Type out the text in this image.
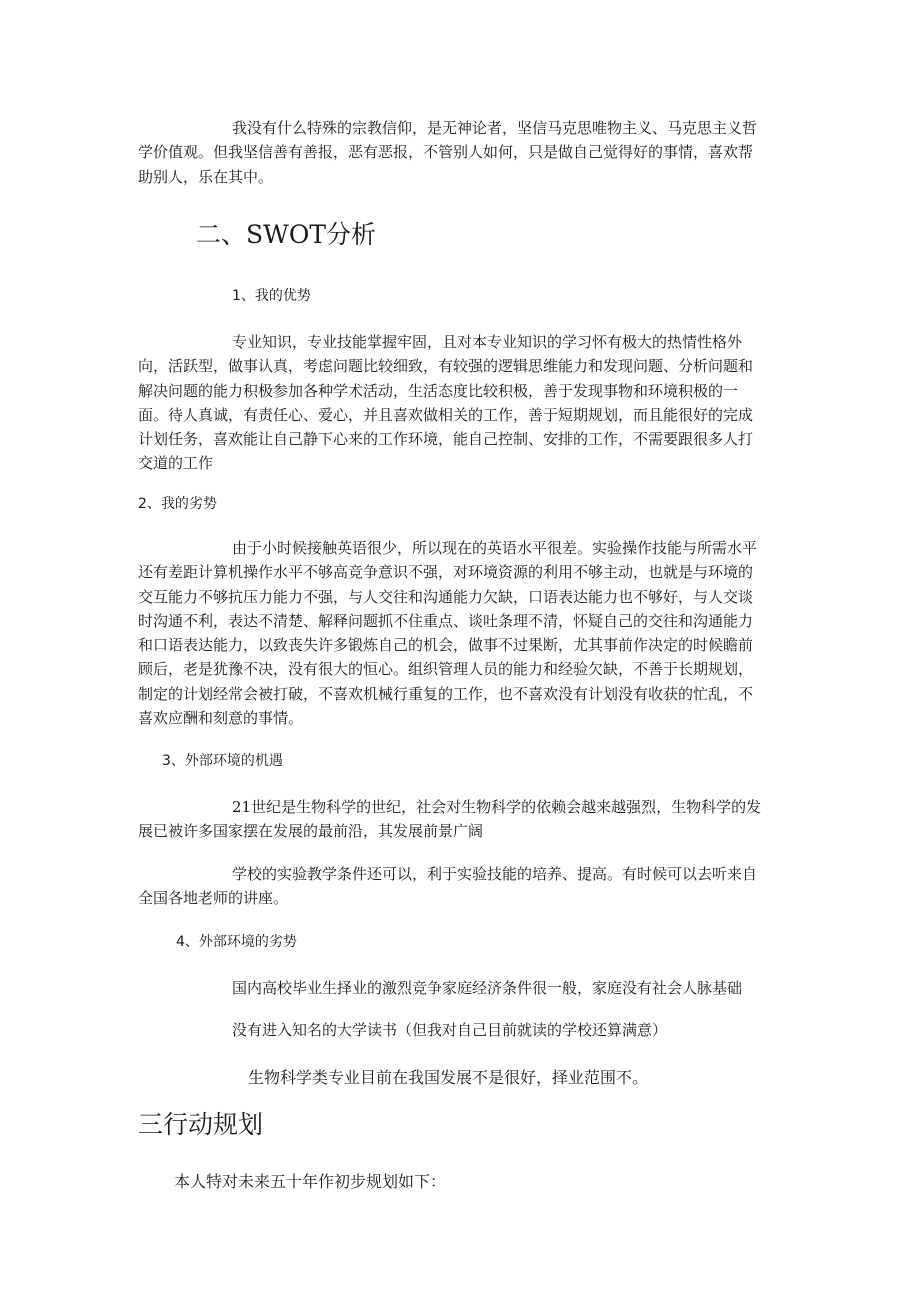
我没有什么特殊的宗教信仰，是无神论者，坚信马克思唯物主义、马克思主义哲
学价值观。但我坚信善有善报，恶有恶报，不管别人如何，只是做自己觉得好的事情，喜欢帮
助别人，乐在其中。
二、SWOT分析
1、我的优势
专业知识，专业技能掌握牢固，且对本专业知识的学习怀有极大的热情性格外
向，活跃型，做事认真，考虑问题比较细致，有较强的逻辑思维能力和发现问题、分析问题和
解决问题的能力积极参加各种学术活动，生活态度比较积极，善于发现事物和环境积极的一
面。待人真诚，有责任心、爱心，并且喜欢做相关的工作，善于短期规划，而且能很好的完成
计划任务，喜欢能让自己静下心来的工作环境，能自己控制、安排的工作，不需要跟很多人打
交道的工作
2、我的劣势
由于小时候接触英语很少，所以现在的英语水平很差。实验操作技能与所需水平
还有差距计算机操作水平不够高竞争意识不强，对环境资源的利用不够主动，也就是与环境的
交互能力不够抗压力能力不强，与人交往和沟通能力欠缺，口语表达能力也不够好，与人交谈
时沟通不利，表达不清楚、解释问题抓不住重点、谈吐条理不清，怀疑自己的交往和沟通能力
和口语表达能力，以致丧失许多锻炼自己的机会，做事不过果断，尤其事前作决定的时候瞻前
顾后，老是犹豫不决，没有很大的恒心。组织管理人员的能力和经验欠缺，不善于长期规划，
制定的计划经常会被打破，不喜欢机械行重复的工作，也不喜欢没有计划没有收获的忙乱，不
喜欢应酬和刻意的事情。
3、外部环境的机遇
21世纪是生物科学的世纪，社会对生物科学的依赖会越来越强烈，生物科学的发
展已被许多国家摆在发展的最前沿，其发展前景广阔
学校的实验教学条件还可以，利于实验技能的培养、提高。有时候可以去听来自
全国各地老师的讲座。
4、外部环境的劣势
国内高校毕业生择业的激烈竞争家庭经济条件很一般，家庭没有社会人脉基础
没有进入知名的大学读书（但我对自己目前就读的学校还算满意）
生物科学类专业目前在我国发展不是很好，择业范围不。
三行动规划
本人特对未来五十年作初步规划如下：
